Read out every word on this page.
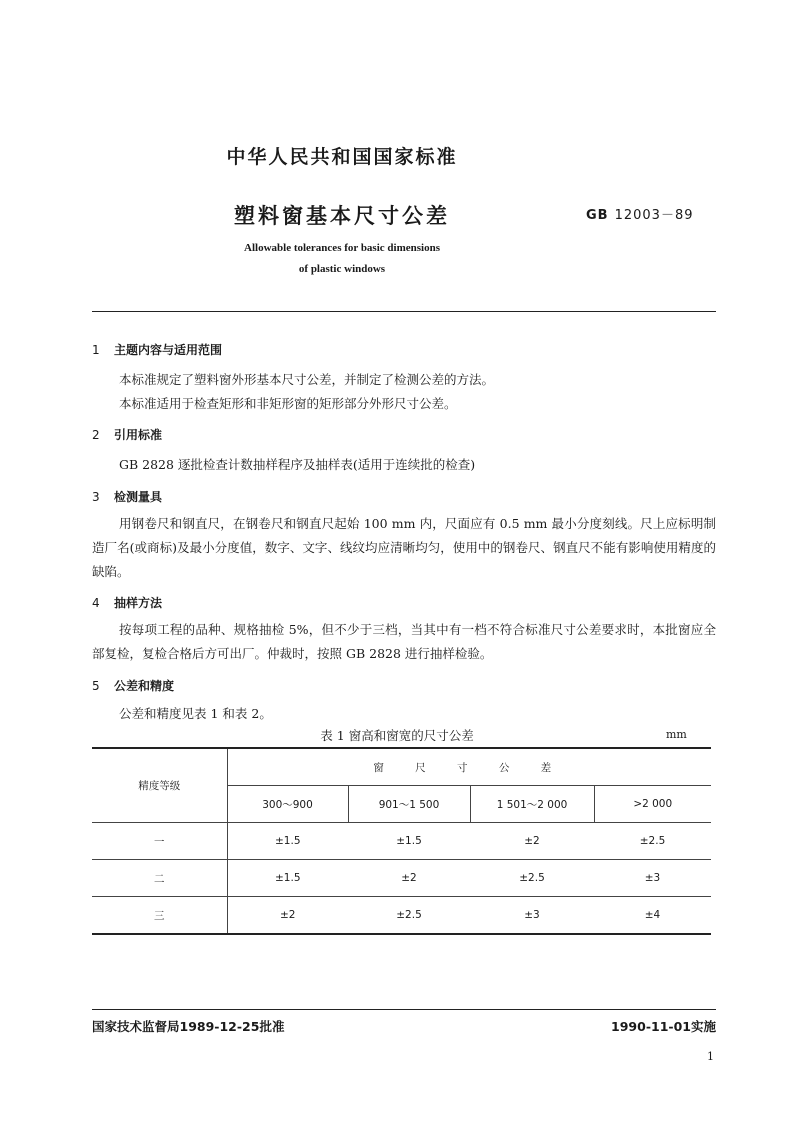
中华人民共和国国家标准
塑料窗基本尺寸公差	GB 12003－89
Allowable tolerances for basic dimensions
of plastic windows
1 主题内容与适用范围
本标准规定了塑料窗外形基本尺寸公差，并制定了检测公差的方法。
本标准适用于检查矩形和非矩形窗的矩形部分外形尺寸公差。
2 引用标准
GB 2828 逐批检查计数抽样程序及抽样表(适用于连续批的检查)
3 检测量具
用钢卷尺和钢直尺，在钢卷尺和钢直尺起始 100 mm 内，尺面应有 0.5 mm 最小分度刻线。尺上应标明制造厂名(或商标)及最小分度值，数字、文字、线纹均应清晰均匀，使用中的钢卷尺、钢直尺不能有影响使用精度的缺陷。
4 抽样方法
按每项工程的品种、规格抽检 5%，但不少于三档，当其中有一档不符合标准尺寸公差要求时，本批窗应全部复检，复检合格后方可出厂。仲裁时，按照 GB 2828 进行抽样检验。
5 公差和精度
公差和精度见表 1 和表 2。
表 1 窗高和窗宽的尺寸公差	mm
精度等级	窗 尺 寸 公 差			
	300～900	901～1 500	1 501～2 000	>2 000
一	±1.5	±1.5	±2	±2.5
二	±1.5	±2	±2.5	±3
三	±2	±2.5	±3	±4
国家技术监督局1989-12-25批准	1990-11-01实施
1
